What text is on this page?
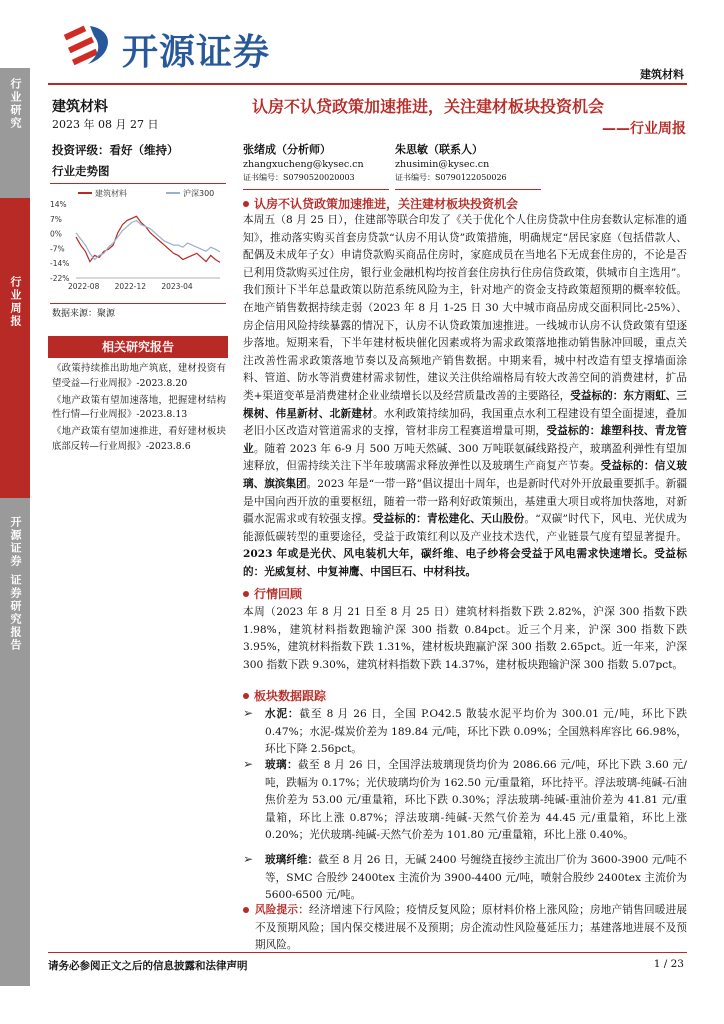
开源证券
建筑材料
行业研究
行业周报
开源证券 证券研究报告
建筑材料
2023 年 08 月 27 日
投资评级：看好（维持）
行业走势图
14%
7%
0%
-7%
-14%
-22%
2022-08 2022-12 2023-04
建筑材料	沪深300
数据来源：聚源
相关研究报告
《政策持续推出助地产筑底，建材投资有望受益—行业周报》-2023.8.20
《地产政策有望加速落地，把握建材结构性行情—行业周报》-2023.8.13
《地产政策有望加速推进，看好建材板块底部反转—行业周报》-2023.8.6
认房不认贷政策加速推进，关注建材板块投资机会
——行业周报
张绪成（分析师）
zhangxucheng@kysec.cn
证书编号：S0790520020003
朱思敏（联系人）
zhusimin@kysec.cn
证书编号：S0790122050026
认房不认贷政策加速推进，关注建材板块投资机会
本周五（8 月 25 日），住建部等联合印发了《关于优化个人住房贷款中住房套数认定标准的通知》，推动落实购买首套房贷款“认房不用认贷”政策措施，明确规定“居民家庭（包括借款人、配偶及未成年子女）申请贷款购买商品住房时，家庭成员在当地名下无成套住房的，不论是否已利用贷款购买过住房，银行业金融机构均按首套住房执行住房信贷政策，供城市自主选用”。我们预计下半年总量政策以防范系统风险为主，针对地产的资金支持政策超预期的概率较低。在地产销售数据持续走弱（2023 年 8 月 1-25 日 30 大中城市商品房成交面积同比-25%）、房企信用风险持续暴露的情况下，认房不认贷政策加速推进。一线城市认房不认贷政策有望逐步落地。短期来看，下半年建材板块催化因素或将为需求政策落地推动销售脉冲回暖，重点关注改善性需求政策落地节奏以及高频地产销售数据。中期来看，城中村改造有望支撑墙面涂料、管道、防水等消费建材需求韧性，建议关注供给端格局有较大改善空间的消费建材，扩品类+渠道变革是消费建材企业业绩增长以及经营质量改善的主要路径，受益标的：东方雨虹、三棵树、伟星新材、北新建材。水利政策持续加码，我国重点水利工程建设有望全面提速，叠加老旧小区改造对管道需求的支撑，管材非房工程赛道增量可期，受益标的：雄塑科技、青龙管业。随着 2023 年 6-9 月 500 万吨天然碱、300 万吨联氨碱线路投产，玻璃盈利弹性有望加速释放，但需持续关注下半年玻璃需求释放弹性以及玻璃生产商复产节奏。受益标的：信义玻璃、旗滨集团。2023 年是“一带一路”倡议提出十周年，也是新时代对外开放最重要抓手。新疆是中国向西开放的重要枢纽，随着一带一路利好政策频出，基建重大项目或将加快落地，对新疆水泥需求或有较强支撑。受益标的：青松建化、天山股份。“双碳”时代下，风电、光伏成为能源低碳转型的重要途径，受益于政策红利以及产业技术迭代，产业链景气度有望显著提升。2023 年或是光伏、风电装机大年，碳纤维、电子纱将会受益于风电需求快速增长。受益标的：光威复材、中复神鹰、中国巨石、中材科技。
行情回顾
本周（2023 年 8 月 21 日至 8 月 25 日）建筑材料指数下跌 2.82%，沪深 300 指数下跌 1.98%，建筑材料指数跑输沪深 300 指数 0.84pct。近三个月来，沪深 300 指数下跌 3.95%，建筑材料指数下跌 1.31%，建材板块跑赢沪深 300 指数 2.65pct。近一年来，沪深 300 指数下跌 9.30%，建筑材料指数下跌 14.37%，建材板块跑输沪深 300 指数 5.07pct。
板块数据跟踪
➢	水泥：截至 8 月 26 日，全国 P.O42.5 散装水泥平均价为 300.01 元/吨，环比下跌 0.47%；水泥-煤炭价差为 189.84 元/吨，环比下跌 0.09%；全国熟料库容比 66.98%，环比下降 2.56pct。
➢	玻璃：截至 8 月 26 日，全国浮法玻璃现货均价为 2086.66 元/吨，环比下跌 3.60 元/吨，跌幅为 0.17%；光伏玻璃均价为 162.50 元/重量箱，环比持平。浮法玻璃-纯碱-石油焦价差为 53.00 元/重量箱，环比下跌 0.30%；浮法玻璃-纯碱-重油价差为 41.81 元/重量箱，环比上涨 0.87%；浮法玻璃-纯碱-天然气价差为 44.45 元/重量箱，环比上涨 0.20%；光伏玻璃-纯碱-天然气价差为 101.80 元/重量箱，环比上涨 0.40%。
➢	玻璃纤维：截至 8 月 26 日，无碱 2400 号缠绕直接纱主流出厂价为 3600-3900 元/吨不等，SMC 合股纱 2400tex 主流价为 3900-4400 元/吨，喷射合股纱 2400tex 主流价为 5600-6500 元/吨。
风险提示：经济增速下行风险；疫情反复风险；原材料价格上涨风险；房地产销售回暖进展不及预期风险；国内保交楼进展不及预期；房企流动性风险蔓延压力；基建落地进展不及预期风险。
请务必参阅正文之后的信息披露和法律声明	1 / 23
